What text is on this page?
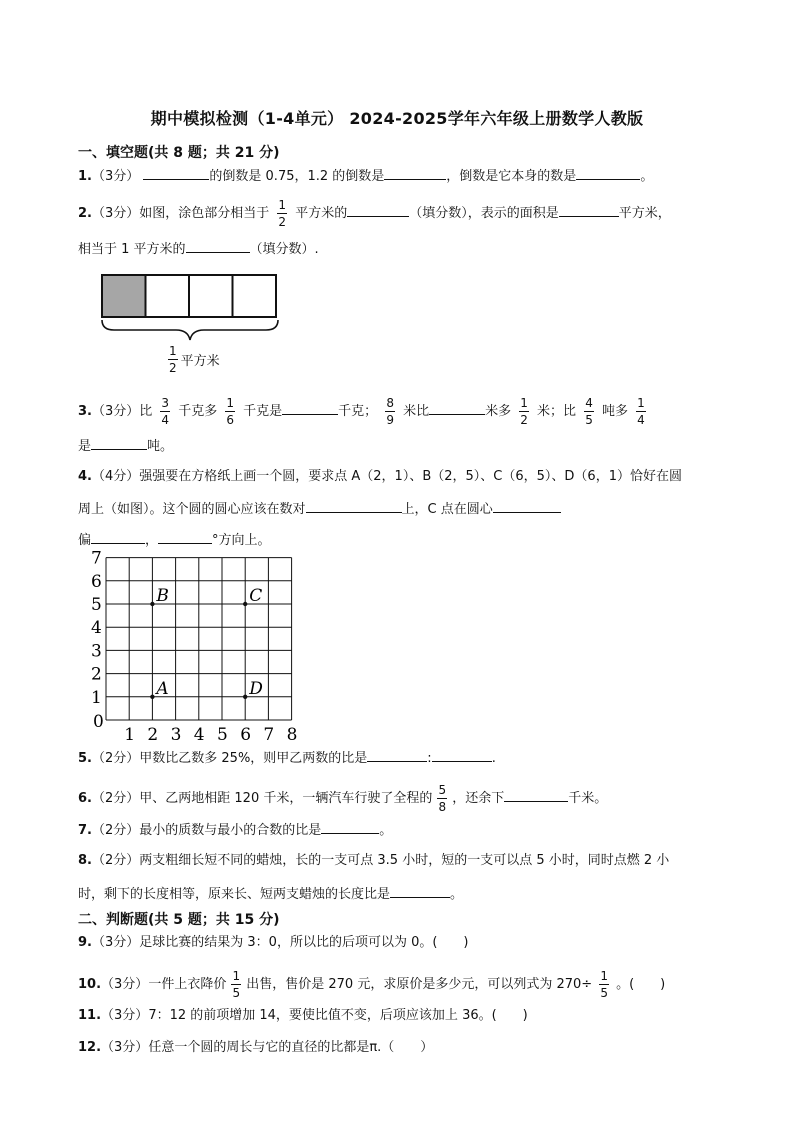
期中模拟检测（1-4单元） 2024-2025学年六年级上册数学人教版
一、填空题(共 8 题；共 21 分)
1.（3分）	的倒数是 0.75，1.2 的倒数是	，倒数是它本身的数是	。
2.（3分）如图，涂色部分相当于 $\frac{1}{2}$ 平方米的	（填分数），表示的面积是	平方米，
相当于 1 平方米的	（填分数）.
$\frac{1}{2}$ 平方米
3.（3分）比 $\frac{3}{4}$ 千克多 $\frac{1}{6}$ 千克是	千克； $\frac{8}{9}$ 米比	米多 $\frac{1}{2}$ 米；比 $\frac{4}{5}$ 吨多 $\frac{1}{4}$
是	吨。
4.（4分）强强要在方格纸上画一个圆，要求点 A（2，1）、B（2，5）、C（6，5）、D（6，1）恰好在圆
周上（如图）。这个圆的圆心应该在数对	上，C 点在圆心
偏	，	°方向上。
0
1 2 3 4 5 6 7 8
1
2
3
4
5
6
7
A
B	C
D
5.（2分）甲数比乙数多 25%，则甲乙两数的比是	:	.
6.（2分）甲、乙两地相距 120 千米，一辆汽车行驶了全程的 $\frac{5}{8}$ ，还余下	千米。
7.（2分）最小的质数与最小的合数的比是	。
8.（2分）两支粗细长短不同的蜡烛，长的一支可点 3.5 小时，短的一支可以点 5 小时，同时点燃 2 小
时，剩下的长度相等，原来长、短两支蜡烛的长度比是	。
二、判断题(共 5 题；共 15 分)
9.（3分）足球比赛的结果为 3：0，所以比的后项可以为 0。(　　)
10.（3分）一件上衣降价 $\frac{1}{5}$ 出售，售价是 270 元，求原价是多少元，可以列式为 $270\div \frac{1}{5}$ 。(　　)
11.（3分）7：12 的前项增加 14，要使比值不变，后项应该加上 36。(　　)
12.（3分）任意一个圆的周长与它的直径的比都是π.（　　）
